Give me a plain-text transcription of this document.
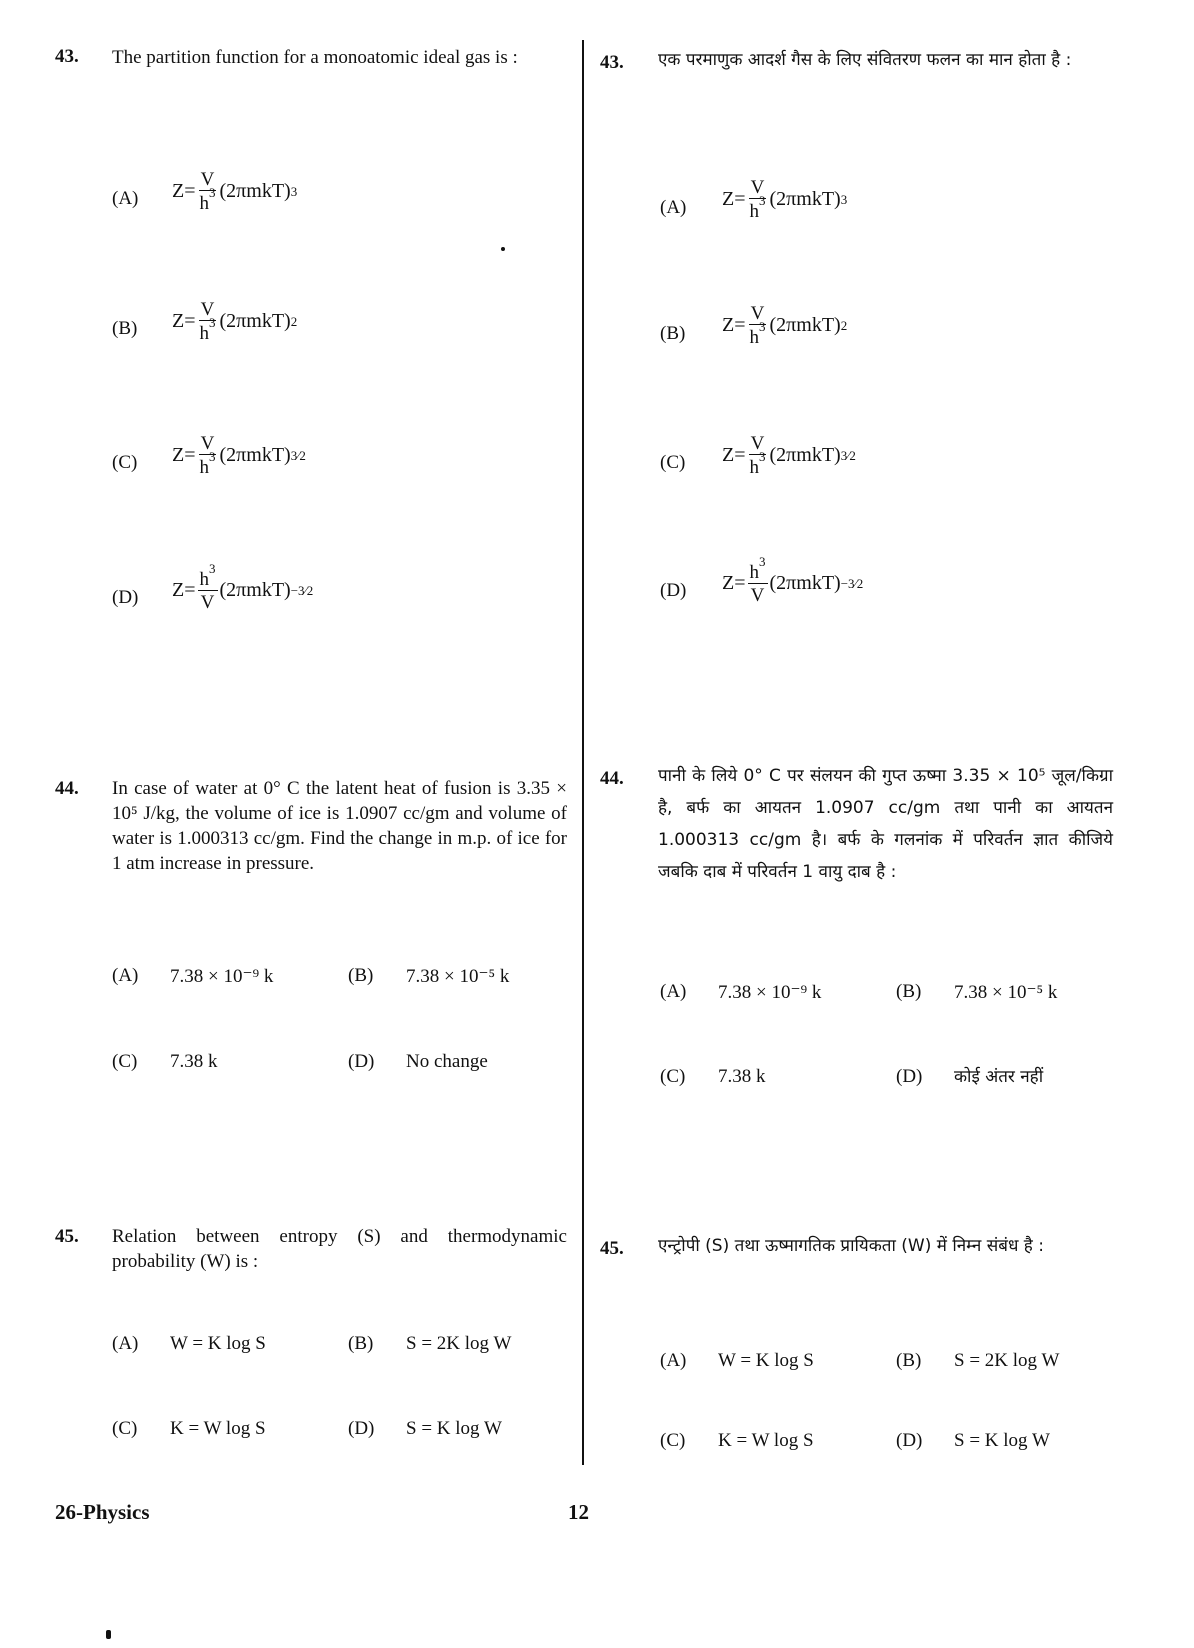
43. The partition function for a monoatomic ideal gas is :
(A) $Z= \frac{V}{h^3} (2\pi mkT)$ 3
(B) $Z= \frac{V}{h^3} (2\pi mkT)$ 2
(C) $Z= \frac{V}{h^3} (2\pi mkT)$ 3⁄2
(D) $Z= \frac{h^3}{V} (2\pi mkT)$ −3⁄2
43. एक परमाणुक आदर्श गैस के लिए संवितरण फलन का मान होता है :
(A) $Z= \frac{V}{h^3} (2\pi mkT)$ 3
(B) $Z= \frac{V}{h^3} (2\pi mkT)$ 2
(C) $Z= \frac{V}{h^3} (2\pi mkT)$ 3⁄2
(D) $Z= \frac{h^3}{V} (2\pi mkT)$ −3⁄2
44. In case of water at 0° C the latent heat of fusion is 3.35 × 10⁵ J/kg, the volume of ice is 1.0907 cc/gm and volume of water is 1.000313 cc/gm. Find the change in m.p. of ice for 1 atm increase in pressure.
(A) 7.38 × 10⁻⁹ k	(B) 7.38 × 10⁻⁵ k
(C) 7.38 k	(D) No change
44. पानी के लिये 0° C पर संलयन की गुप्त ऊष्मा 3.35 × 10⁵ जूल/किग्रा है, बर्फ का आयतन 1.0907 cc/gm तथा पानी का आयतन 1.000313 cc/gm है। बर्फ के गलनांक में परिवर्तन ज्ञात कीजिये जबकि दाब में परिवर्तन 1 वायु दाब है :
(A) 7.38 × 10⁻⁹ k	(B) 7.38 × 10⁻⁵ k
(C) 7.38 k	(D) कोई अंतर नहीं
45. Relation between entropy (S) and thermodynamic probability (W) is :
(A) W = K log S	(B) S = 2K log W
(C) K = W log S	(D) S = K log W
45. एन्ट्रोपी (S) तथा ऊष्मागतिक प्रायिकता (W) में निम्न संबंध है :
(A) W = K log S	(B) S = 2K log W
(C) K = W log S	(D) S = K log W
26-Physics	12
